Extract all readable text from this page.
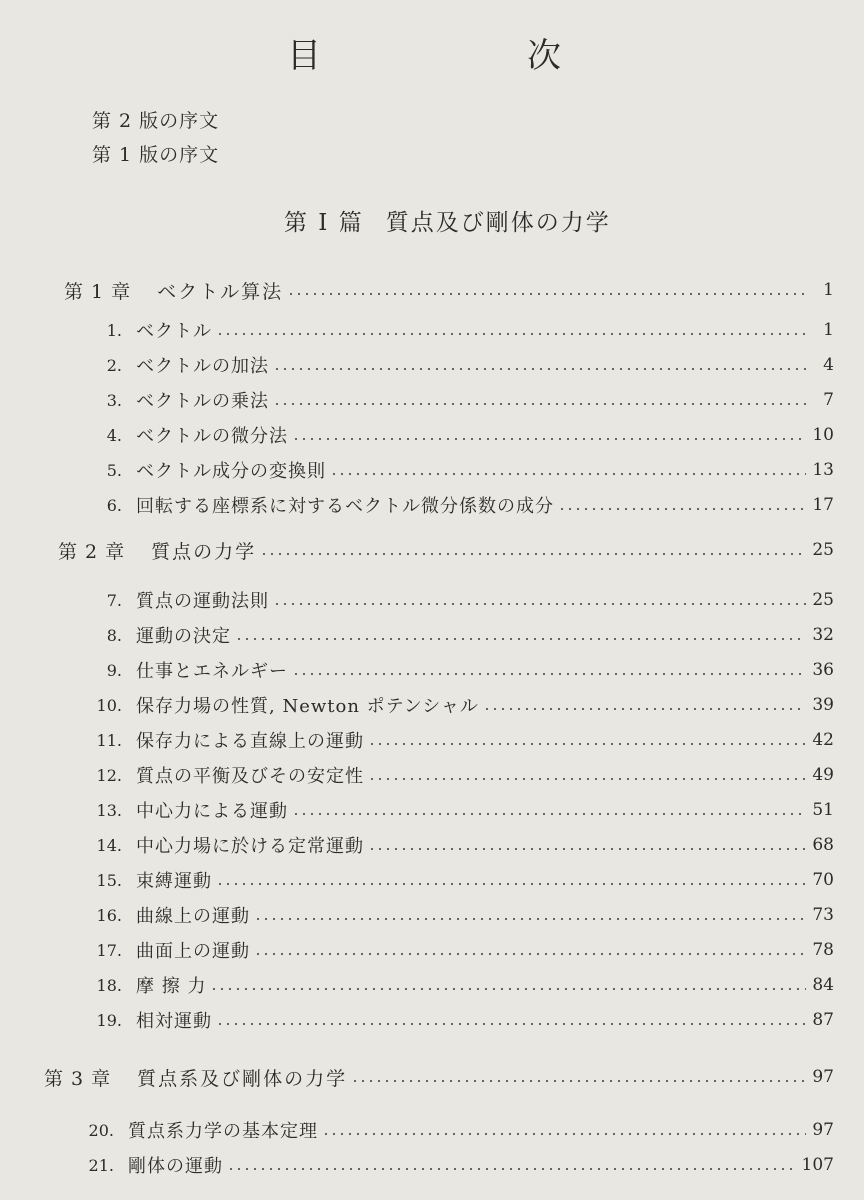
目　次
第 2 版の序文
第 1 版の序文
第 I 篇 質点及び剛体の力学
第 1 章 ベクトル算法	1
1. ベクトル	1
2. ベクトルの加法	4
3. ベクトルの乗法	7
4. ベクトルの微分法	10
5. ベクトル成分の変換則	13
6. 回転する座標系に対するベクトル微分係数の成分	17
第 2 章 質点の力学	25
7. 質点の運動法則	25
8. 運動の決定	32
9. 仕事とエネルギー	36
10. 保存力場の性質, Newton ポテンシャル	39
11. 保存力による直線上の運動	42
12. 質点の平衡及びその安定性	49
13. 中心力による運動	51
14. 中心力場に於ける定常運動	68
15. 束縛運動	70
16. 曲線上の運動	73
17. 曲面上の運動	78
18. 摩 擦 力	84
19. 相対運動	87
第 3 章 質点系及び剛体の力学	97
20. 質点系力学の基本定理	97
21. 剛体の運動	107
